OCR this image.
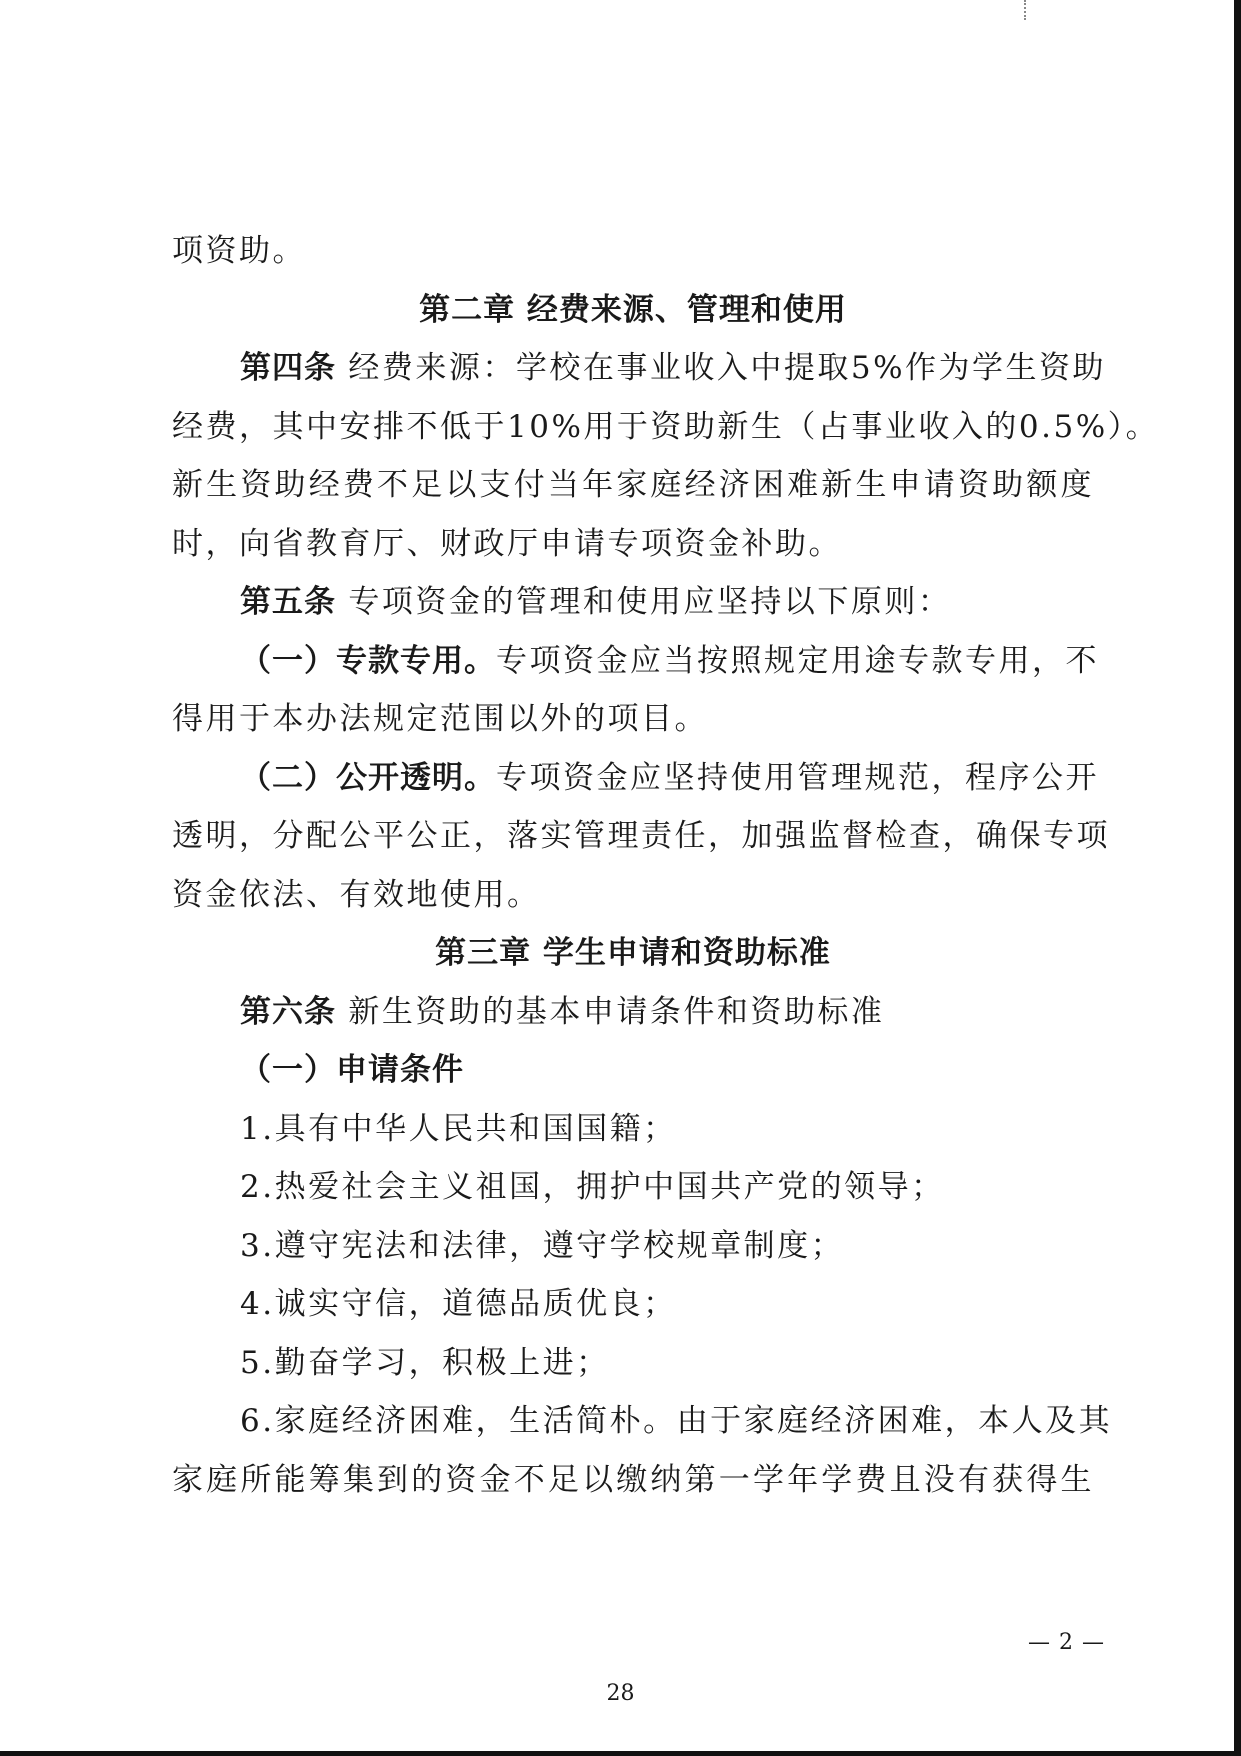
项资助。
第二章 经费来源、管理和使用
第四条 经费来源：学校在事业收入中提取5%作为学生资助
经费，其中安排不低于10%用于资助新生（占事业收入的0.5%）。
新生资助经费不足以支付当年家庭经济困难新生申请资助额度
时，向省教育厅、财政厅申请专项资金补助。
第五条 专项资金的管理和使用应坚持以下原则：
（一）专款专用。专项资金应当按照规定用途专款专用，不
得用于本办法规定范围以外的项目。
（二）公开透明。专项资金应坚持使用管理规范，程序公开
透明，分配公平公正，落实管理责任，加强监督检查，确保专项
资金依法、有效地使用。
第三章 学生申请和资助标准
第六条 新生资助的基本申请条件和资助标准
（一）申请条件
1.具有中华人民共和国国籍；
2.热爱社会主义祖国，拥护中国共产党的领导；
3.遵守宪法和法律，遵守学校规章制度；
4.诚实守信，道德品质优良；
5.勤奋学习，积极上进；
6.家庭经济困难，生活简朴。由于家庭经济困难，本人及其
家庭所能筹集到的资金不足以缴纳第一学年学费且没有获得生
— 2 —
28
